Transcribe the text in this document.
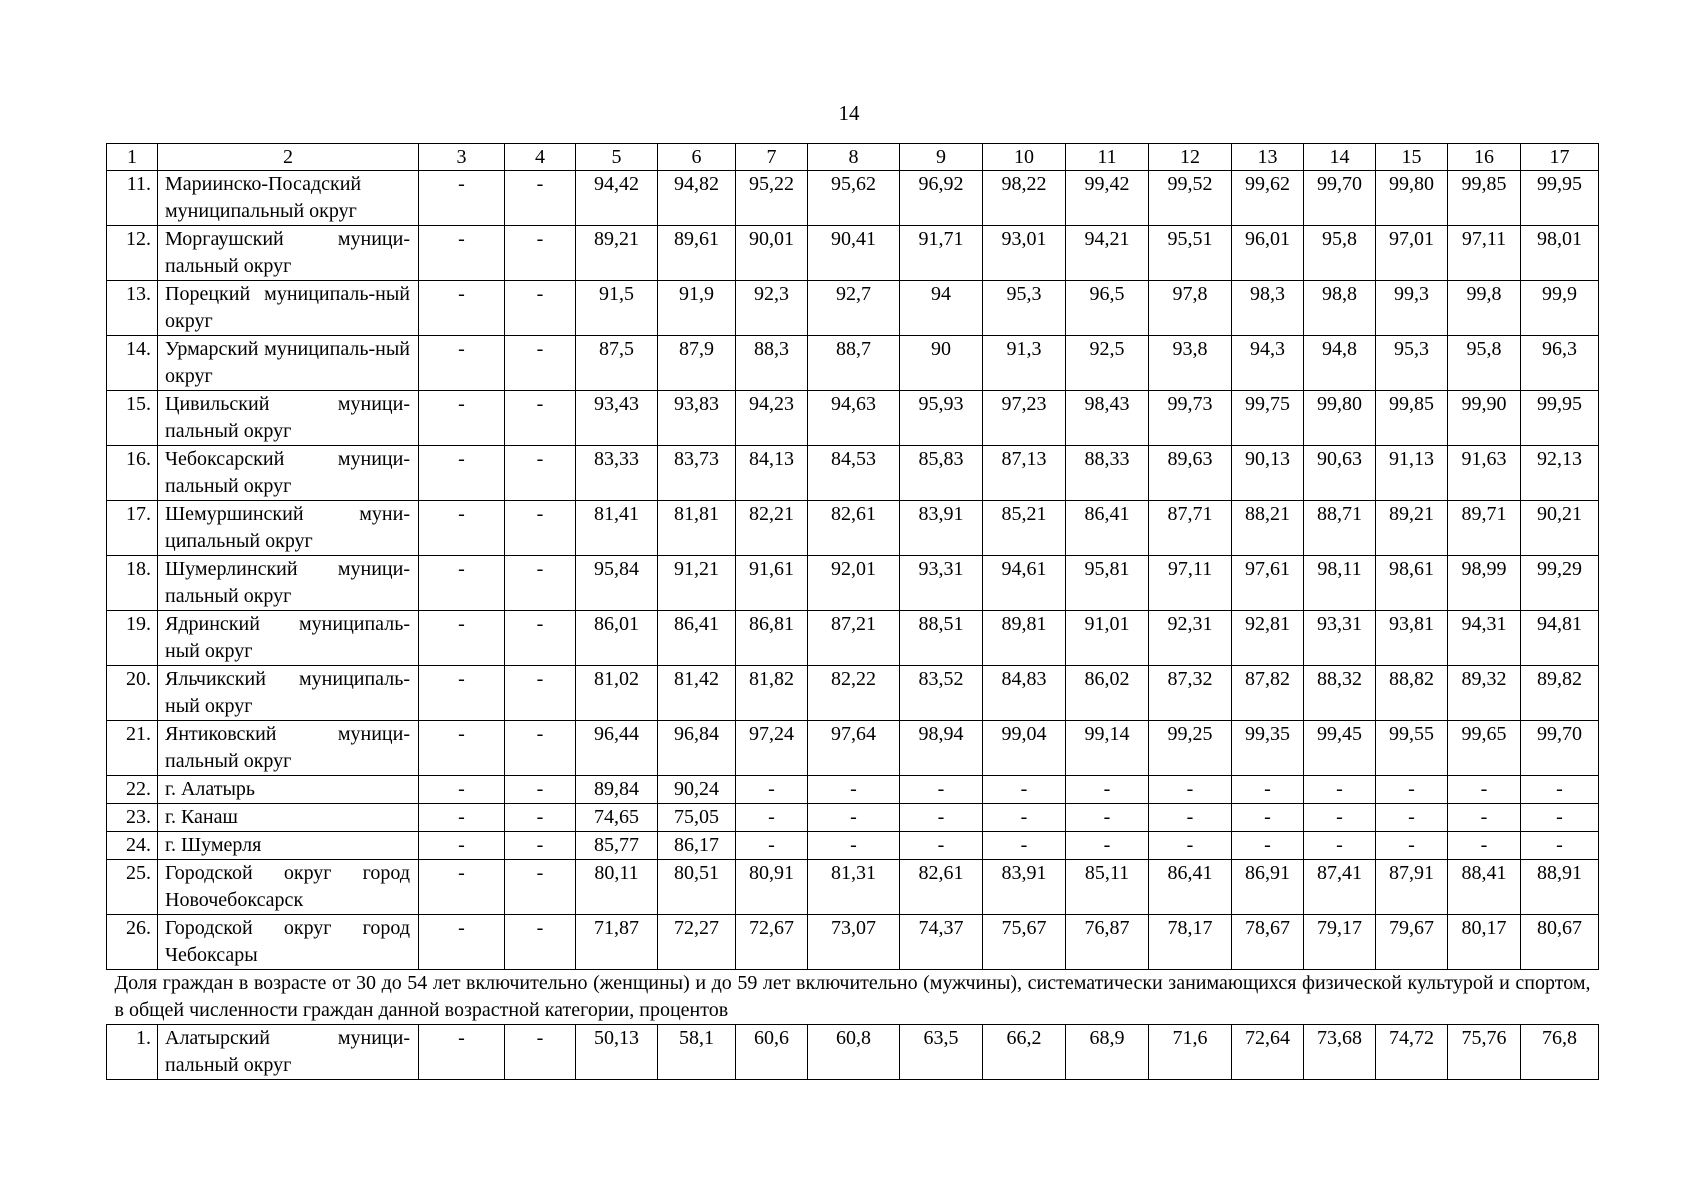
14
1	2	3	4	5	6	7	8	9	10	11	12	13	14	15	16	17
11.	Мариинско-Посадский муниципальный округ	-	-	94,42	94,82	95,22	95,62	96,92	98,22	99,42	99,52	99,62	99,70	99,80	99,85	99,95
12.	Моргаушский муници-пальный округ	-	-	89,21	89,61	90,01	90,41	91,71	93,01	94,21	95,51	96,01	95,8	97,01	97,11	98,01
13.	Порецкий муниципаль-ный округ	-	-	91,5	91,9	92,3	92,7	94	95,3	96,5	97,8	98,3	98,8	99,3	99,8	99,9
14.	Урмарский муниципаль-ный округ	-	-	87,5	87,9	88,3	88,7	90	91,3	92,5	93,8	94,3	94,8	95,3	95,8	96,3
15.	Цивильский муници-пальный округ	-	-	93,43	93,83	94,23	94,63	95,93	97,23	98,43	99,73	99,75	99,80	99,85	99,90	99,95
16.	Чебоксарский муници-пальный округ	-	-	83,33	83,73	84,13	84,53	85,83	87,13	88,33	89,63	90,13	90,63	91,13	91,63	92,13
17.	Шемуршинский муни-ципальный округ	-	-	81,41	81,81	82,21	82,61	83,91	85,21	86,41	87,71	88,21	88,71	89,21	89,71	90,21
18.	Шумерлинский муници-пальный округ	-	-	95,84	91,21	91,61	92,01	93,31	94,61	95,81	97,11	97,61	98,11	98,61	98,99	99,29
19.	Ядринский муниципаль-ный округ	-	-	86,01	86,41	86,81	87,21	88,51	89,81	91,01	92,31	92,81	93,31	93,81	94,31	94,81
20.	Яльчикский муниципаль-ный округ	-	-	81,02	81,42	81,82	82,22	83,52	84,83	86,02	87,32	87,82	88,32	88,82	89,32	89,82
21.	Янтиковский муници-пальный округ	-	-	96,44	96,84	97,24	97,64	98,94	99,04	99,14	99,25	99,35	99,45	99,55	99,65	99,70
22.	г. Алатырь	-	-	89,84	90,24	-	-	-	-	-	-	-	-	-	-	-
23.	г. Канаш	-	-	74,65	75,05	-	-	-	-	-	-	-	-	-	-	-
24.	г. Шумерля	-	-	85,77	86,17	-	-	-	-	-	-	-	-	-	-	-
25.	Городской округ город Новочебоксарск	-	-	80,11	80,51	80,91	81,31	82,61	83,91	85,11	86,41	86,91	87,41	87,91	88,41	88,91
26.	Городской округ город Чебоксары	-	-	71,87	72,27	72,67	73,07	74,37	75,67	76,87	78,17	78,67	79,17	79,67	80,17	80,67
Доля граждан в возрасте от 30 до 54 лет включительно (женщины) и до 59 лет включительно (мужчины), систематически занимающихся физической культурой и спортом, в общей численности граждан данной возрастной категории, процентов																
1.	Алатырский муници-пальный округ	-	-	50,13	58,1	60,6	60,8	63,5	66,2	68,9	71,6	72,64	73,68	74,72	75,76	76,8
